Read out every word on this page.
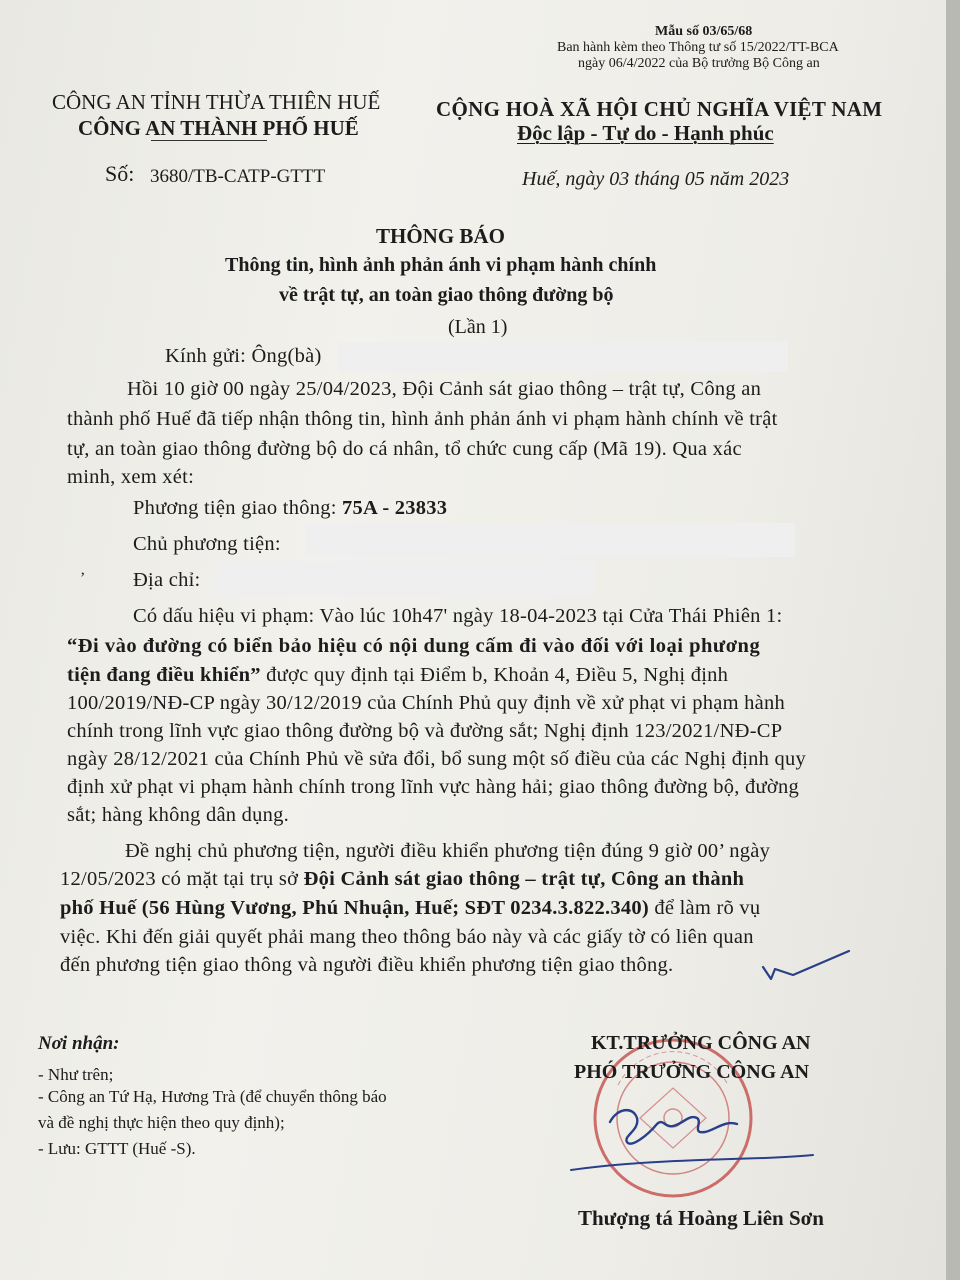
Mẫu số 03/65/68
Ban hành kèm theo Thông tư số 15/2022/TT-BCA
ngày 06/4/2022 của Bộ trưởng Bộ Công an
CÔNG AN TỈNH THỪA THIÊN HUẾ
CÔNG AN THÀNH PHỐ HUẾ
Số: 3680/TB-CATP-GTTT
CỘNG HOÀ XÃ HỘI CHỦ NGHĨA VIỆT NAM
Độc lập - Tự do - Hạnh phúc
Huế, ngày 03 tháng 05 năm 2023
THÔNG BÁO
Thông tin, hình ảnh phản ánh vi phạm hành chính
về trật tự, an toàn giao thông đường bộ
(Lần 1)
Kính gửi: Ông(bà)
Hồi 10 giờ 00 ngày 25/04/2023, Đội Cảnh sát giao thông – trật tự, Công an
thành phố Huế đã tiếp nhận thông tin, hình ảnh phản ánh vi phạm hành chính về trật
tự, an toàn giao thông đường bộ do cá nhân, tổ chức cung cấp (Mã 19). Qua xác
minh, xem xét:
Phương tiện giao thông: 75A - 23833
Chủ phương tiện:
Địa chỉ:
ʼ
Có dấu hiệu vi phạm: Vào lúc 10h47' ngày 18-04-2023 tại Cửa Thái Phiên 1:
“Đi vào đường có biển bảo hiệu có nội dung cấm đi vào đối với loại phương
tiện đang điều khiển” được quy định tại Điểm b, Khoản 4, Điều 5, Nghị định
100/2019/NĐ-CP ngày 30/12/2019 của Chính Phủ quy định về xử phạt vi phạm hành
chính trong lĩnh vực giao thông đường bộ và đường sắt; Nghị định 123/2021/NĐ-CP
ngày 28/12/2021 của Chính Phủ về sửa đổi, bổ sung một số điều của các Nghị định quy
định xử phạt vi phạm hành chính trong lĩnh vực hàng hải; giao thông đường bộ, đường
sắt; hàng không dân dụng.
Đề nghị chủ phương tiện, người điều khiển phương tiện đúng 9 giờ 00’ ngày
12/05/2023 có mặt tại trụ sở Đội Cảnh sát giao thông – trật tự, Công an thành
phố Huế (56 Hùng Vương, Phú Nhuận, Huế; SĐT 0234.3.822.340) để làm rõ vụ
việc. Khi đến giải quyết phải mang theo thông báo này và các giấy tờ có liên quan
đến phương tiện giao thông và người điều khiển phương tiện giao thông.
Nơi nhận:
- Như trên;
- Công an Tứ Hạ, Hương Trà (để chuyển thông báo
và đề nghị thực hiện theo quy định);
- Lưu: GTTT (Huế -S).
KT.TRƯỞNG CÔNG AN
PHÓ TRƯỞNG CÔNG AN
Thượng tá Hoàng Liên Sơn
